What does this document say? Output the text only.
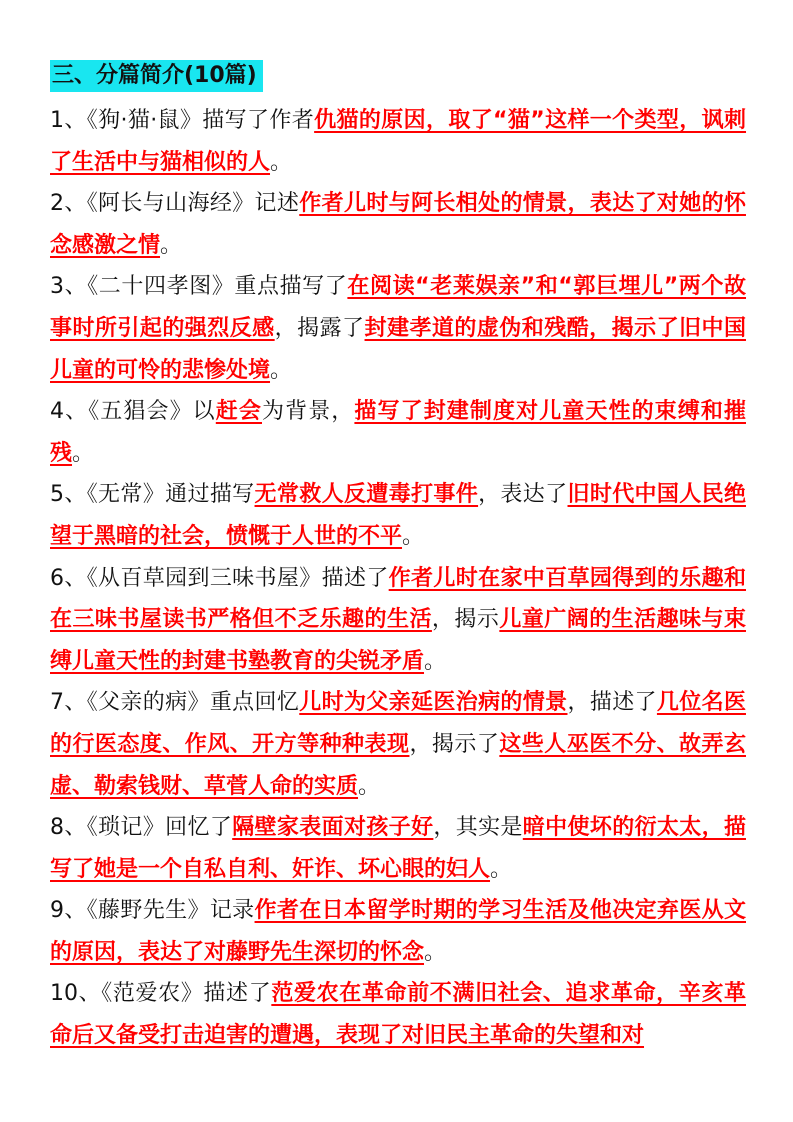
三、分篇简介(10篇)

1、《狗·猫·鼠》描写了作者仇猫的原因，取了“猫”这样一个类型，讽刺了生活中与猫相似的人。

2、《阿长与山海经》记述作者儿时与阿长相处的情景，表达了对她的怀念感激之情。

3、《二十四孝图》重点描写了在阅读“老莱娱亲”和“郭巨埋儿”两个故事时所引起的强烈反感，揭露了封建孝道的虚伪和残酷，揭示了旧中国儿童的可怜的悲惨处境。

4、《五猖会》以赶会为背景，描写了封建制度对儿童天性的束缚和摧残。

5、《无常》通过描写无常救人反遭毒打事件，表达了旧时代中国人民绝望于黑暗的社会，愤慨于人世的不平。

6、《从百草园到三味书屋》描述了作者儿时在家中百草园得到的乐趣和在三味书屋读书严格但不乏乐趣的生活，揭示儿童广阔的生活趣味与束缚儿童天性的封建书塾教育的尖锐矛盾。

7、《父亲的病》重点回忆儿时为父亲延医治病的情景，描述了几位名医的行医态度、作风、开方等种种表现，揭示了这些人巫医不分、故弄玄虚、勒索钱财、草菅人命的实质。

8、《琐记》回忆了隔壁家表面对孩子好，其实是暗中使坏的衍太太，描写了她是一个自私自利、奸诈、坏心眼的妇人。

9、《藤野先生》记录作者在日本留学时期的学习生活及他决定弃医从文的原因，表达了对藤野先生深切的怀念。

10、《范爱农》描述了范爱农在革命前不满旧社会、追求革命，辛亥革命后又备受打击迫害的遭遇，表现了对旧民主革命的失望和对
